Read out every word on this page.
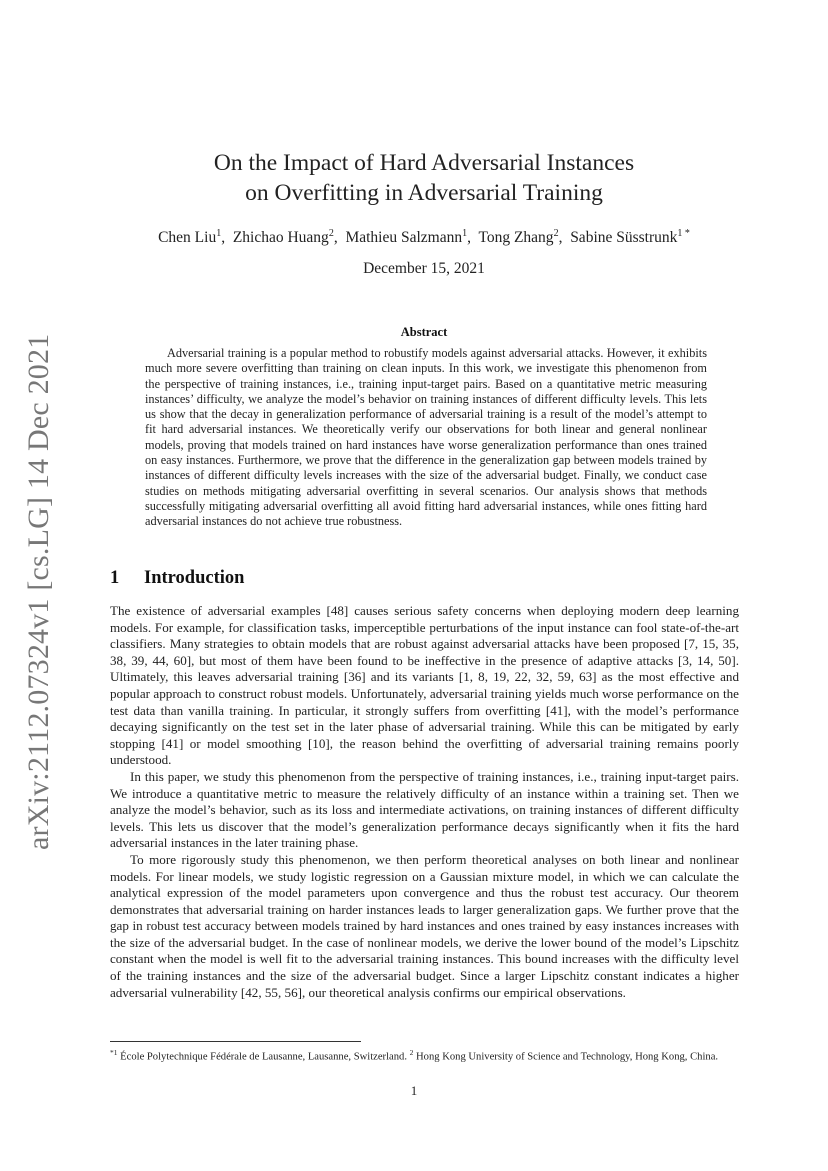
arXiv:2112.07324v1 [cs.LG] 14 Dec 2021
On the Impact of Hard Adversarial Instances
on Overfitting in Adversarial Training
Chen Liu$^1$,  Zhichao Huang$^2$,  Mathieu Salzmann$^1$,  Tong Zhang$^2$,  Sabine Süsstrunk$^{1 *}$
December 15, 2021
Abstract
Adversarial training is a popular method to robustify models against adversarial attacks. However, it exhibits much more severe overfitting than training on clean inputs. In this work, we investigate this phenomenon from the perspective of training instances, i.e., training input-target pairs. Based on a quantitative metric measuring instances’ difficulty, we analyze the model’s behavior on training instances of different difficulty levels. This lets us show that the decay in generalization performance of adversarial training is a result of the model’s attempt to fit hard adversarial instances. We theoretically verify our observations for both linear and general nonlinear models, proving that models trained on hard instances have worse generalization performance than ones trained on easy instances. Furthermore, we prove that the difference in the generalization gap between models trained by instances of different difficulty levels increases with the size of the adversarial budget. Finally, we conduct case studies on methods mitigating adversarial overfitting in several scenarios. Our analysis shows that methods successfully mitigating adversarial overfitting all avoid fitting hard adversarial instances, while ones fitting hard adversarial instances do not achieve true robustness.
1 Introduction

The existence of adversarial examples [48] causes serious safety concerns when deploying modern deep learning models. For example, for classification tasks, imperceptible perturbations of the input instance can fool state-of-the-art classifiers. Many strategies to obtain models that are robust against adversarial attacks have been proposed [7, 15, 35, 38, 39, 44, 60], but most of them have been found to be ineffective in the presence of adaptive attacks [3, 14, 50]. Ultimately, this leaves adversarial training [36] and its variants [1, 8, 19, 22, 32, 59, 63] as the most effective and popular approach to construct robust models. Unfortunately, adversarial training yields much worse performance on the test data than vanilla training. In particular, it strongly suffers from overfitting [41], with the model’s performance decaying significantly on the test set in the later phase of adversarial training. While this can be mitigated by early stopping [41] or model smoothing [10], the reason behind the overfitting of adversarial training remains poorly understood.

In this paper, we study this phenomenon from the perspective of training instances, i.e., training input-target pairs. We introduce a quantitative metric to measure the relatively difficulty of an instance within a training set. Then we analyze the model’s behavior, such as its loss and intermediate activations, on training instances of different difficulty levels. This lets us discover that the model’s generalization performance decays significantly when it fits the hard adversarial instances in the later training phase.

To more rigorously study this phenomenon, we then perform theoretical analyses on both linear and nonlinear models. For linear models, we study logistic regression on a Gaussian mixture model, in which we can calculate the analytical expression of the model parameters upon convergence and thus the robust test accuracy. Our theorem demonstrates that adversarial training on harder instances leads to larger generalization gaps. We further prove that the gap in robust test accuracy between models trained by hard instances and ones trained by easy instances increases with the size of the adversarial budget. In the case of nonlinear models, we derive the lower bound of the model’s Lipschitz constant when the model is well fit to the adversarial training instances. This bound increases with the difficulty level of the training instances and the size of the adversarial budget. Since a larger Lipschitz constant indicates a higher adversarial vulnerability [42, 55, 56], our theoretical analysis confirms our empirical observations.

$^{*1}$ École Polytechnique Fédérale de Lausanne, Lausanne, Switzerland. $^2$ Hong Kong University of Science and Technology, Hong Kong, China.
1
